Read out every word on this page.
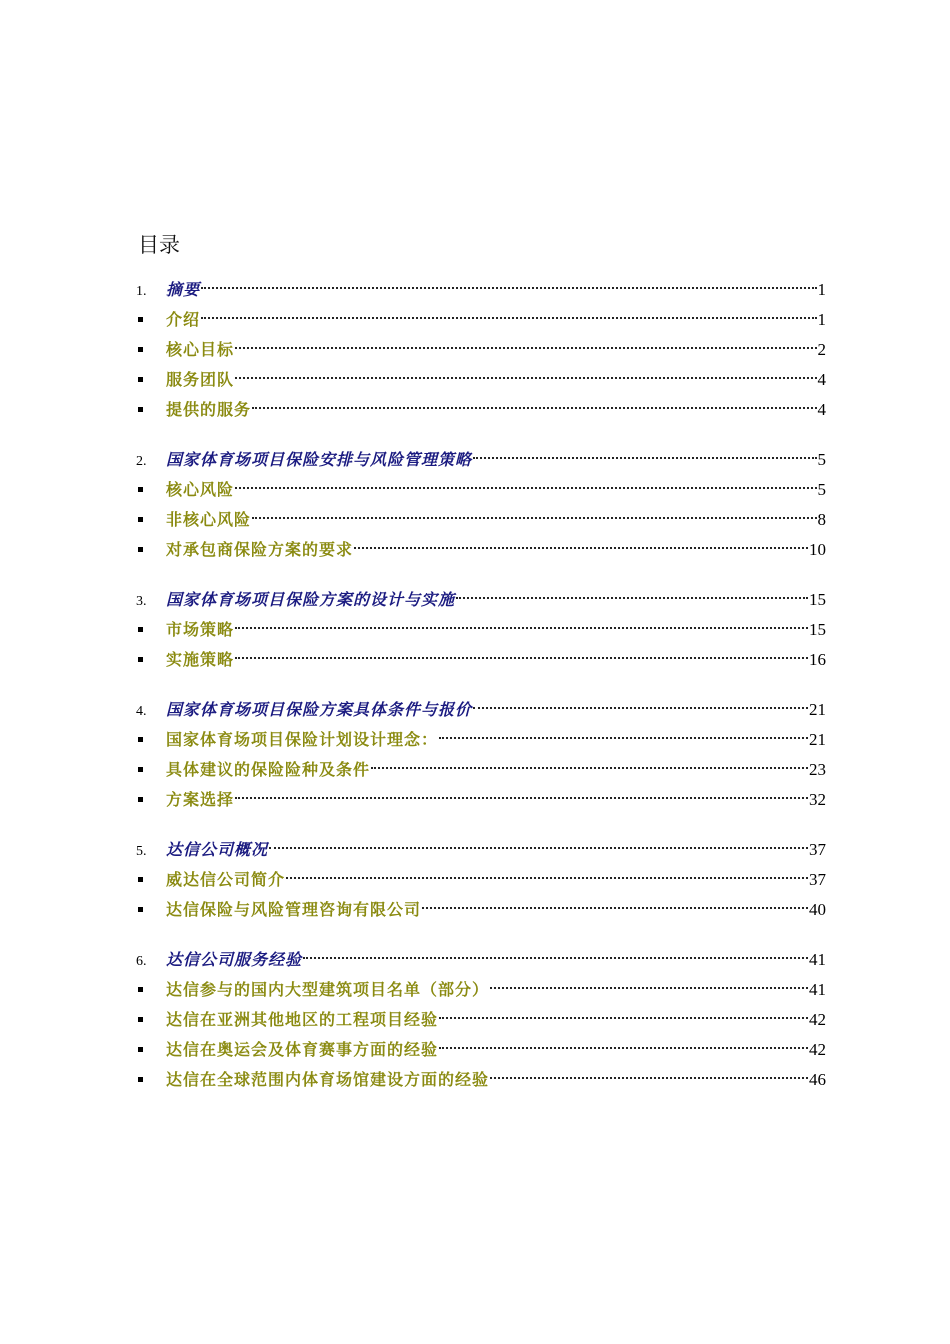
目录
1.	摘要	1
介绍	1
核心目标	2
服务团队	4
提供的服务	4
2.	国家体育场项目保险安排与风险管理策略	5
核心风险	5
非核心风险	8
对承包商保险方案的要求	10
3.	国家体育场项目保险方案的设计与实施	15
市场策略	15
实施策略	16
4.	国家体育场项目保险方案具体条件与报价	21
国家体育场项目保险计划设计理念：	21
具体建议的保险险种及条件	23
方案选择	32
5.	达信公司概况	37
威达信公司简介	37
达信保险与风险管理咨询有限公司	40
6.	达信公司服务经验	41
达信参与的国内大型建筑项目名单（部分）	41
达信在亚洲其他地区的工程项目经验	42
达信在奥运会及体育赛事方面的经验	42
达信在全球范围内体育场馆建设方面的经验	46
